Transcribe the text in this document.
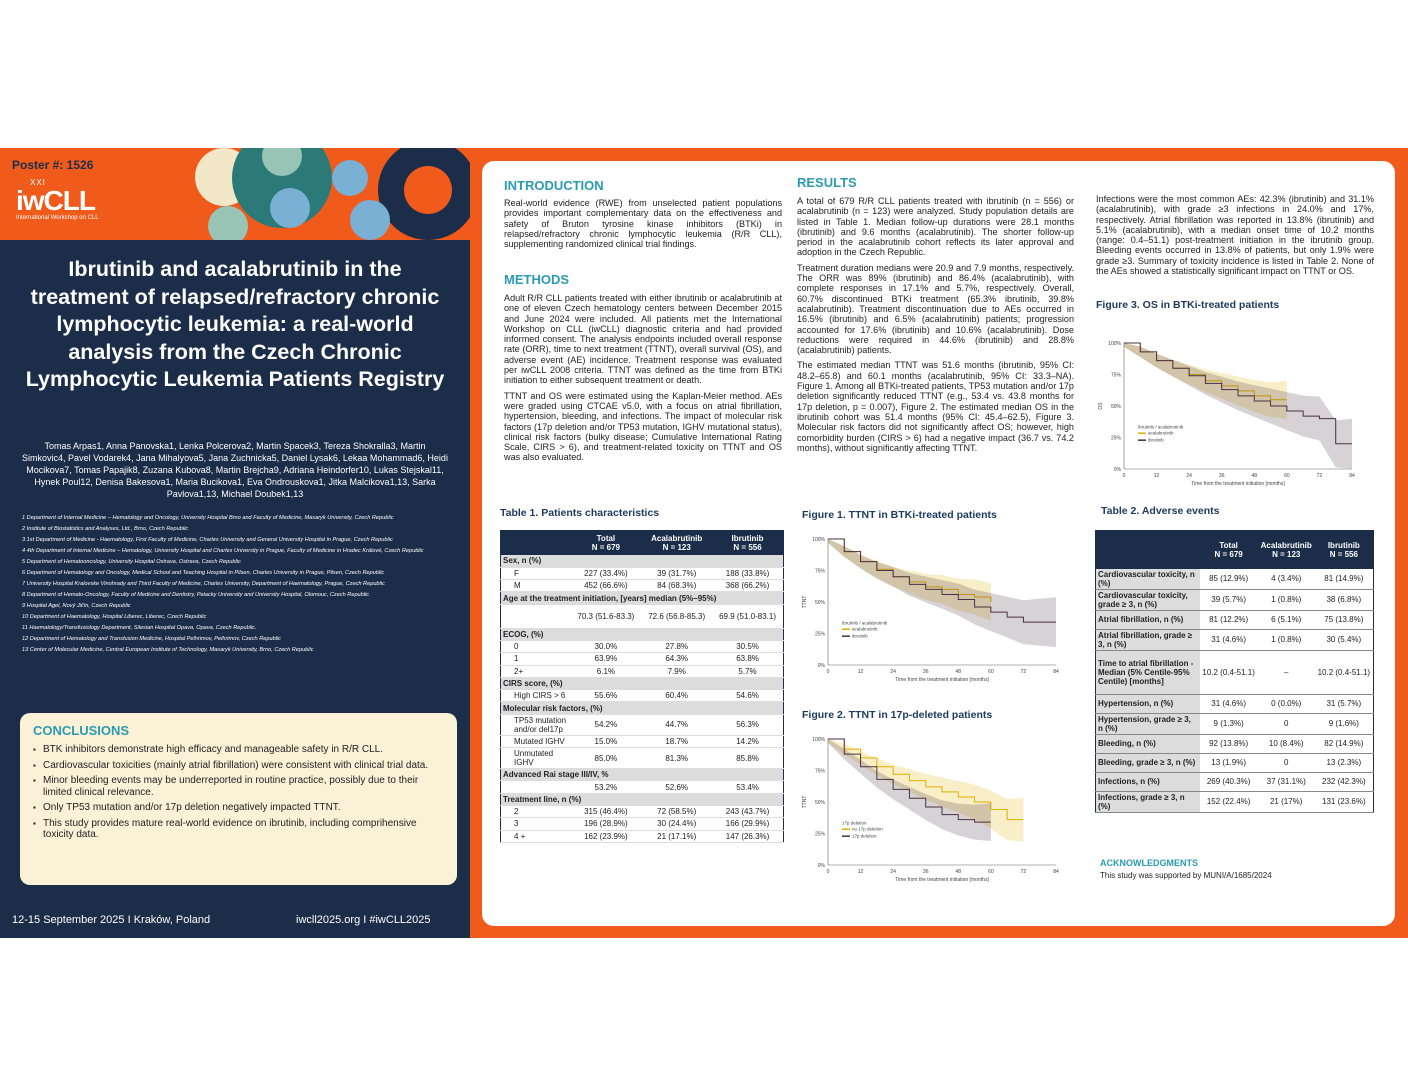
Poster #: 1526
XXI
iwCLL
International Workshop on CLL
Ibrutinib and acalabrutinib in the treatment of relapsed/refractory chronic lymphocytic leukemia: a real-world analysis from the Czech Chronic Lymphocytic Leukemia Patients Registry
Tomas Arpas1, Anna Panovska1, Lenka Polcerova2, Martin Spacek3, Tereza Shokralla3, Martin Simkovic4, Pavel Vodarek4, Jana Mihalyova5, Jana Zuchnicka5, Daniel Lysak6, Lekaa Mohammad6, Heidi Mocikova7, Tomas Papajik8, Zuzana Kubova8, Martin Brejcha9, Adriana Heindorfer10, Lukas Stejskal11, Hynek Poul12, Denisa Bakesova1, Maria Bucikova1, Eva Ondrouskova1, Jitka Malcikova1,13, Sarka Pavlova1,13, Michael Doubek1,13
1 Department of Internal Medicine – Hematology and Oncology, University Hospital Brno and Faculty of Medicine, Masaryk University, Czech Republic
2 Institute of Biostatistics and Analyses, Ltd., Brno, Czech Republic
3 1st Department of Medicine - Haematology, First Faculty of Medicine, Charles University and General University Hospital in Prague, Czech Republic
4 4th Department of Internal Medicine – Hematology, University Hospital and Charles University in Prague, Faculty of Medicine in Hradec Králové, Czech Republic
5 Department of Hematooncology, University Hospital Ostrava, Ostrava, Czech Republic
6 Department of Hematology and Oncology, Medical School and Teaching Hospital in Pilsen, Charles University in Prague, Pilsen, Czech Republic
7 University Hospital Kralovske Vinohrady and Third Faculty of Medicine, Charles University, Department of Haematology, Prague, Czech Republic
8 Department of Hemato-Oncology, Faculty of Medicine and Dentistry, Palacky University and University Hospital, Olomouc, Czech Republic
9 Hospital Agel, Nový Jičín, Czech Republic
10 Department of Haematology, Hospital Liberec, Liberec, Czech Republic
11 Haematology/Transfusiology Department, Silesian Hospital Opava, Opava, Czech Republic.
12 Department of Hematology and Transfusion Medicine, Hospital Pelhrimov, Pelhrimov, Czech Republic
13 Center of Molecular Medicine, Central European Institute of Technology, Masaryk University, Brno, Czech Republic
CONCLUSIONS
▪ BTK inhibitors demonstrate high efficacy and manageable safety in R/R CLL.
▪ Cardiovascular toxicities (mainly atrial fibrillation) were consistent with clinical trial data.
▪ Minor bleeding events may be underreported in routine practice, possibly due to their limited clinical relevance.
▪ Only TP53 mutation and/or 17p deletion negatively impacted TTNT.
▪ This study provides mature real-world evidence on ibrutinib, including comprihensive toxicity data.
12-15 September 2025 I Kraków, Poland	iwcll2025.org I #iwCLL2025
INTRODUCTION
Real-world evidence (RWE) from unselected patient populations provides important complementary data on the effectiveness and safety of Bruton tyrosine kinase inhibitors (BTKi) in relapsed/refractory chronic lymphocytic leukemia (R/R CLL), supplementing randomized clinical trial findings.
METHODS

Adult R/R CLL patients treated with either ibrutinib or acalabrutinib at one of eleven Czech hematology centers between December 2015 and June 2024 were included. All patients met the International Workshop on CLL (iwCLL) diagnostic criteria and had provided informed consent. The analysis endpoints included overall response rate (ORR), time to next treatment (TTNT), overall survival (OS), and adverse event (AE) incidence. Treatment response was evaluated per iwCLL 2008 criteria. TTNT was defined as the time from BTKi initiation to either subsequent treatment or death.

TTNT and OS were estimated using the Kaplan-Meier method. AEs were graded using CTCAE v5.0, with a focus on atrial fibrillation, hypertension, bleeding, and infections. The impact of molecular risk factors (17p deletion and/or TP53 mutation, IGHV mutational status), clinical risk factors (bulky disease; Cumulative International Rating Scale, CIRS > 6), and treatment-related toxicity on TTNT and OS was also evaluated.

RESULTS

A total of 679 R/R CLL patients treated with ibrutinib (n = 556) or acalabrutinib (n = 123) were analyzed. Study population details are listed in Table 1. Median follow-up durations were 28.1 months (ibrutinib) and 9.6 months (acalabrutinib). The shorter follow-up period in the acalabrutinib cohort reflects its later approval and adoption in the Czech Republic.

Treatment duration medians were 20.9 and 7.9 months, respectively. The ORR was 89% (ibrutinib) and 86.4% (acalabrutinib), with complete responses in 17.1% and 5.7%, respectively. Overall, 60.7% discontinued BTKi treatment (65.3% ibrutinib, 39.8% acalabrutinib). Treatment discontinuation due to AEs occurred in 16.5% (ibrutinib) and 6.5% (acalabrutinib) patients; progression accounted for 17.6% (ibrutinib) and 10.6% (acalabrutinib). Dose reductions were required in 44.6% (ibrutinib) and 28.8% (acalabrutinib) patients.

The estimated median TTNT was 51.6 months (ibrutinib, 95% CI: 48.2–65.8) and 60.1 months (acalabrutinib, 95% CI: 33.3–NA). Figure 1. Among all BTKi-treated patients, TP53 mutation and/or 17p deletion significantly reduced TTNT (e.g., 53.4 vs. 43.8 months for 17p deletion, p = 0.007), Figure 2. The estimated median OS in the ibrutinib cohort was 51.4 months (95% CI: 45.4–62.5), Figure 3. Molecular risk factors did not significantly affect OS; however, high comorbidity burden (CIRS > 6) had a negative impact (36.7 vs. 74.2 months), without significantly affecting TTNT.

Infections were the most common AEs: 42.3% (ibrutinib) and 31.1% (acalabrutinib), with grade ≥3 infections in 24.0% and 17%, respectively. Atrial fibrillation was reported in 13.8% (ibrutinib) and 5.1% (acalabrutinib), with a median onset time of 10.2 months (range: 0.4–51.1) post-treatment initiation in the ibrutinib group. Bleeding events occurred in 13.8% of patients, but only 1.9% were grade ≥3. Summary of toxicity incidence is listed in Table 2. None of the AEs showed a statistically significant impact on TTNT or OS.

Figure 3. OS in BTKi-treated patients
100%
75%
50%
25%
0%
0	12	24	36	48	60	72	84
Time from the treatment initiation [months]
OS
acalabrutinib
ibrutinib
Ibrutinib / acalabrutinib
Table 1. Patients characteristics
	Total
N = 679	Acalabrutinib
N = 123	Ibrutinib
N = 556
Sex, n (%)			
F	227 (33.4%)	39 (31.7%)	188 (33.8%)
M	452 (66.6%)	84 (68.3%)	368 (66.2%)
Age at the treatment initiation, [years] median (5%–95%)			
	70.3 (51.6-83.3)	72.6 (56.8-85.3)	69.9 (51.0-83.1)
ECOG, (%)			
0	30.0%	27.8%	30.5%
1	63.9%	64.3%	63.8%
2+	6.1%	7.9%	5.7%
CIRS score, (%)			
High CIRS > 6	55.6%	60.4%	54.6%
Molecular risk factors, (%)			
TP53 mutation and/or del17p	54.2%	44.7%	56.3%
Mutated IGHV	15.0%	18.7%	14.2%
Unmutated IGHV	85.0%	81.3%	85.8%
Advanced Rai stage III/IV, %			
	53.2%	52.6%	53.4%
Treatment line, n (%)			
2	315 (46.4%)	72 (58.5%)	243 (43.7%)
3	196 (28.9%)	30 (24.4%)	166 (29.9%)
4 +	162 (23.9%)	21 (17.1%)	147 (26.3%)
Figure 1. TTNT in BTKi-treated patients
100%
75%
50%
25%
0%
0	12	24	36	48	60	72	84
Time from the treatment initiation [months]
TTNT
acalabrutinib
ibrutinib
Ibrutinib / acalabrutinib
Figure 2. TTNT in 17p-deleted patients
100%
75%
50%
25%
0%
0	12	24	36	48	60	72	84
Time from the treatment initiation [months]
TTNT
no 17p deletion
17p deletion
17p deletion
Table 2. Adverse events
	Total
N = 679	Acalabrutinib
N = 123	Ibrutinib
N = 556
Cardiovascular toxicity, n (%)	85 (12.9%)	4 (3.4%)	81 (14.9%)
Cardiovascular toxicity, grade ≥ 3, n (%)	39 (5.7%)	1 (0.8%)	38 (6.8%)
Atrial fibrillation, n (%)	81 (12.2%)	6 (5.1%)	75 (13.8%)
Atrial fibrillation, grade ≥ 3, n (%)	31 (4.6%)	1 (0.8%)	30 (5.4%)
Time to atrial fibrillation - Median (5% Centile-95% Centile) [months]	10.2 (0.4-51.1)	–	10.2 (0.4-51.1)
Hypertension, n (%)	31 (4.6%)	0 (0.0%)	31 (5.7%)
Hypertension, grade ≥ 3, n (%)	9 (1.3%)	0	9 (1.6%)
Bleeding, n (%)	92 (13.8%)	10 (8.4%)	82 (14.9%)
Bleeding, grade ≥ 3, n (%)	13 (1.9%)	0	13 (2.3%)
Infections, n (%)	269 (40.3%)	37 (31.1%)	232 (42.3%)
Infections, grade ≥ 3, n (%)	152 (22.4%)	21 (17%)	131 (23.6%)
ACKNOWLEDGMENTS
This study was supported by MUNI/A/1685/2024
